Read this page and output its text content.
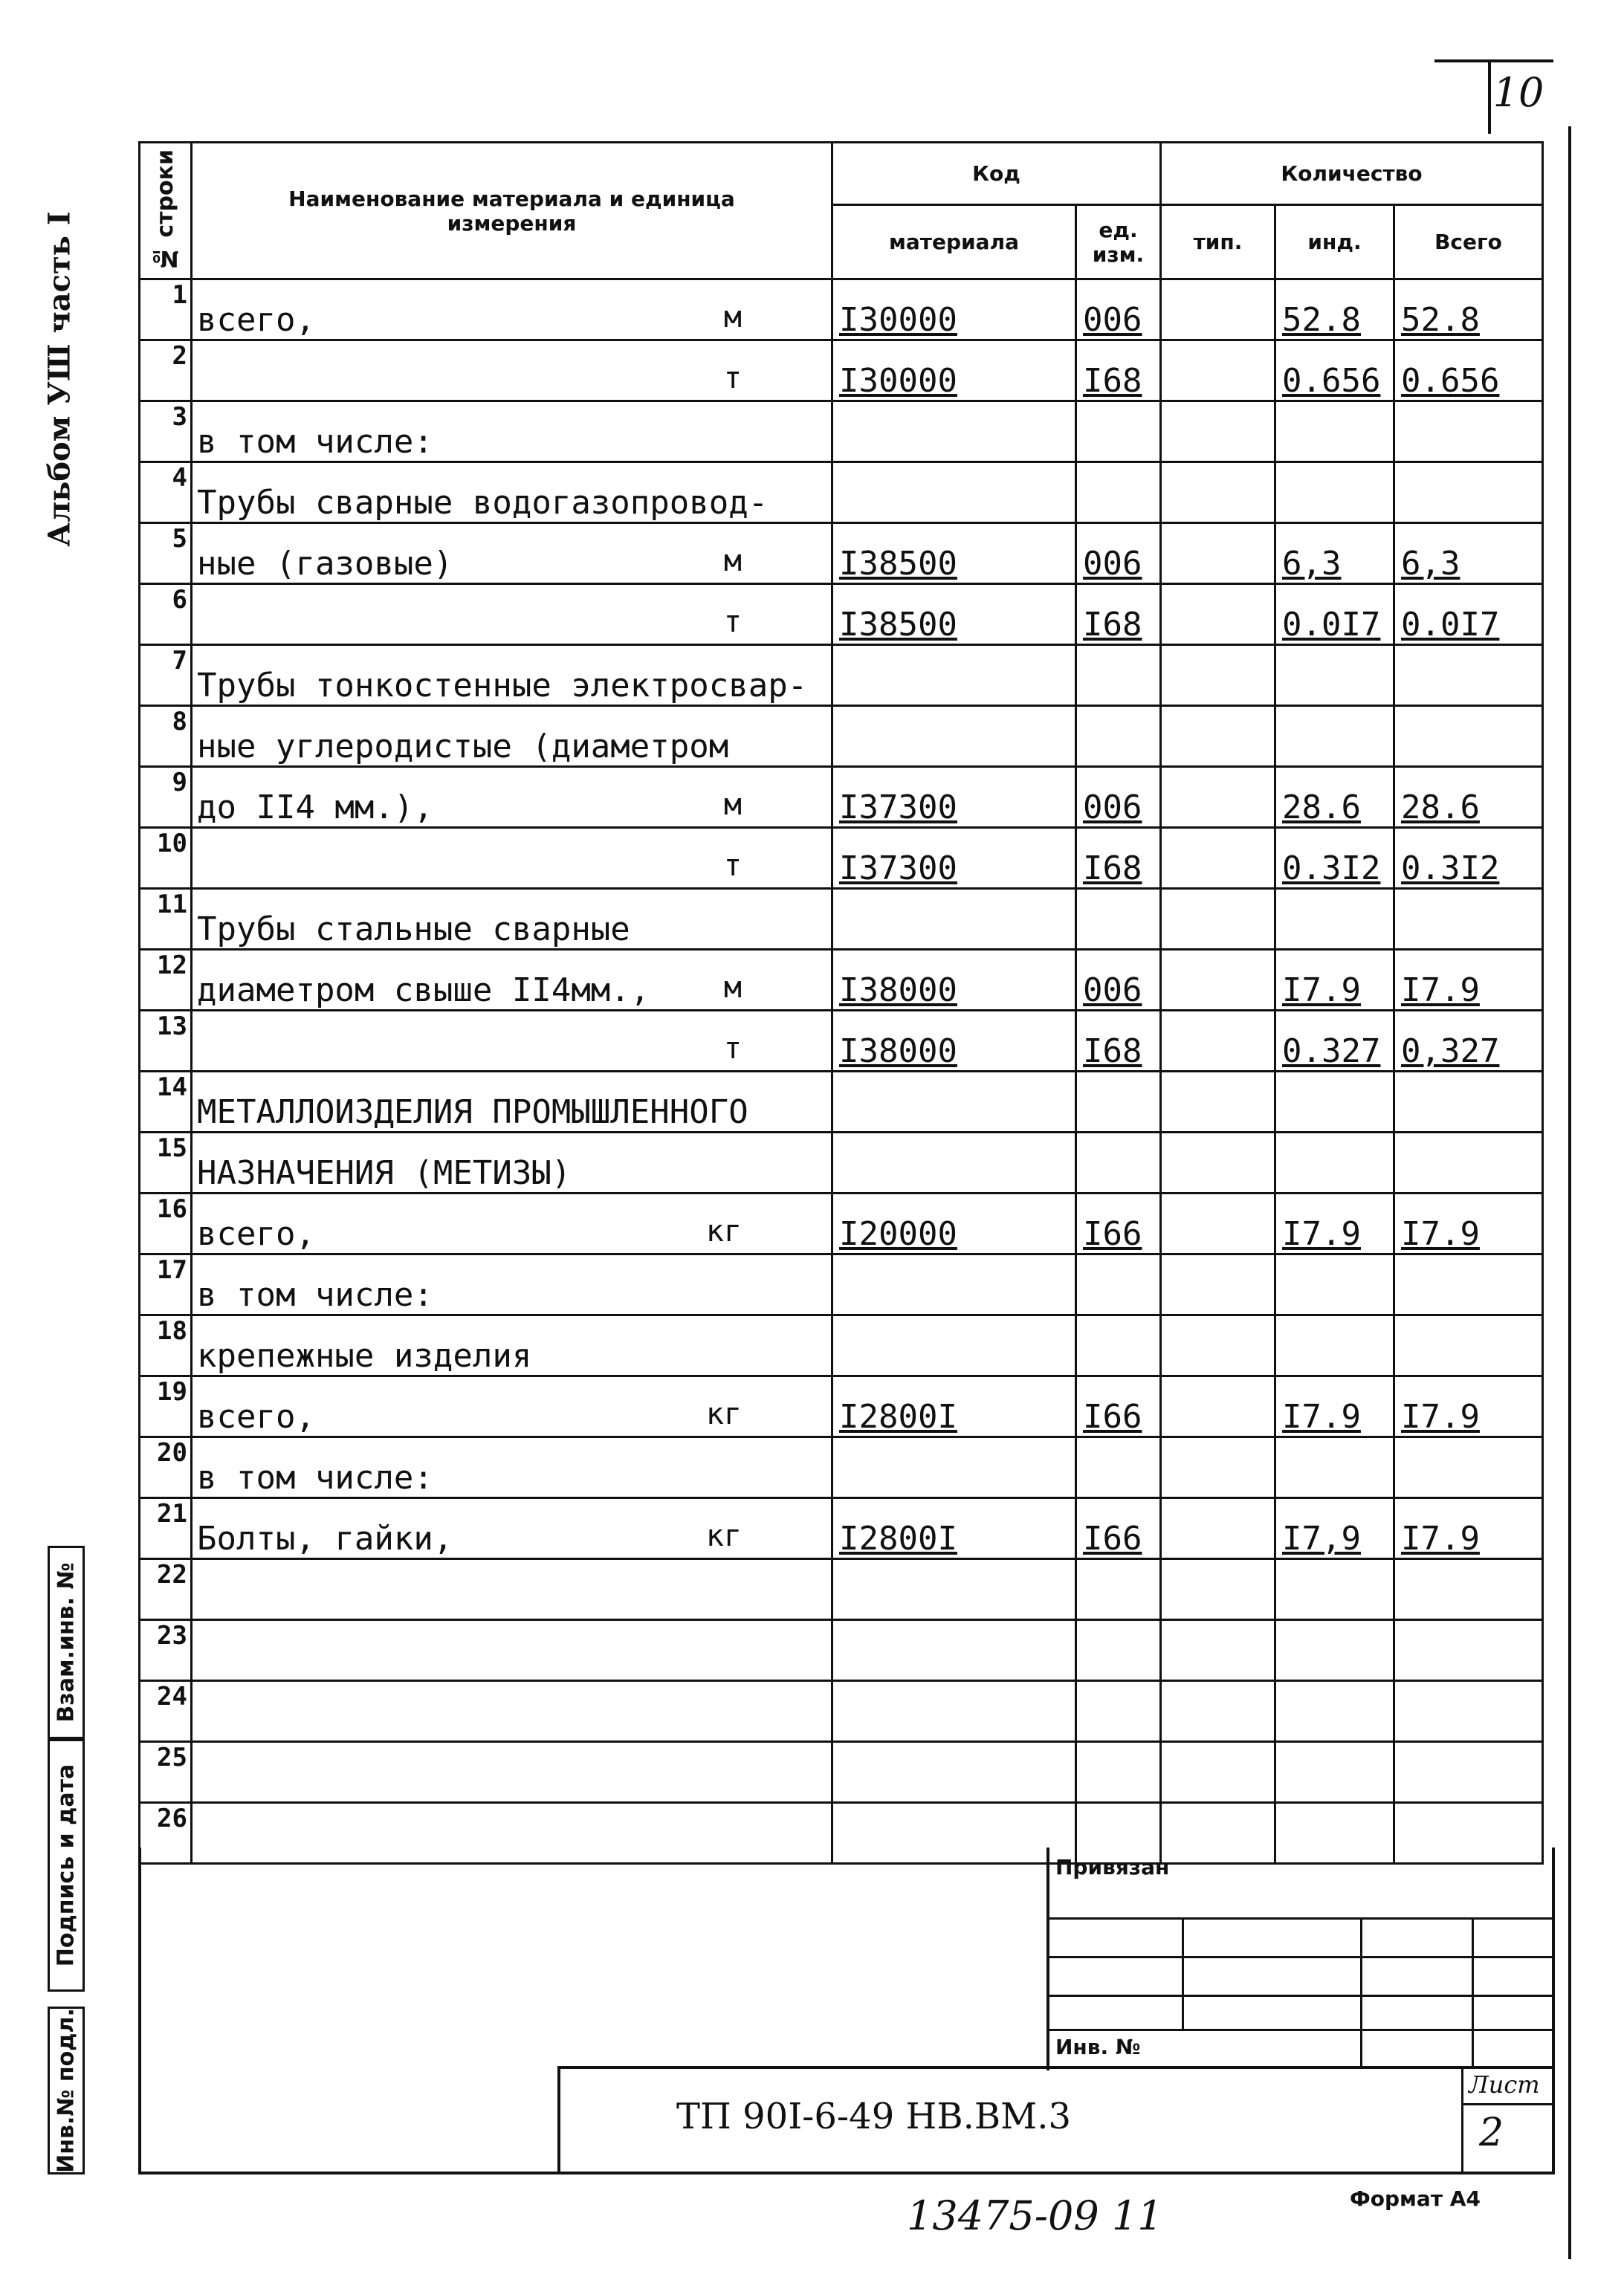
10
Альбом УШ часть I
№ строки	Наименование материала и единица измерения	Код		Количество		
		материала	ед. изм.	тип.	инд.	Всего
1	всего, м	I30000	006		52.8	52.8
2	т	I30000	I68		0.656	0.656
3	в том числе:

4	Трубы сварные водогазопровод-

5	ные (газовые) м	I38500	006		6,3	6,3
6	т	I38500	I68		0.0I7	0.0I7
7	Трубы тонкостенные электросвар-

8	ные углеродистые (диаметром

9	до II4 мм.), м	I37300	006		28.6	28.6
10	т	I37300	I68		0.3I2	0.3I2
11	Трубы стальные сварные

12	диаметром свыше II4мм., м	I38000	006		I7.9	I7.9
13	т	I38000	I68		0.327	0,327
14	МЕТАЛЛОИЗДЕЛИЯ ПРОМЫШЛЕННОГО

15	НАЗНАЧЕНИЯ (МЕТИЗЫ)

16	всего, кг	I20000	I66		I7.9	I7.9
17	в том числе:

18	крепежные изделия

19	всего, кг	I2800I	I66		I7.9	I7.9
20	в том числе:

21	Болты, гайки, кг	I2800I	I66		I7,9	I7.9
22	

23	

24	

25	

26	

Привязан
Инв. №
ТП 90I-6-49 НВ.ВМ.3
Лист
2
Формат А4
13475-09 11
Взам.инв. №
Подпись и дата
Инв.№ подл.
